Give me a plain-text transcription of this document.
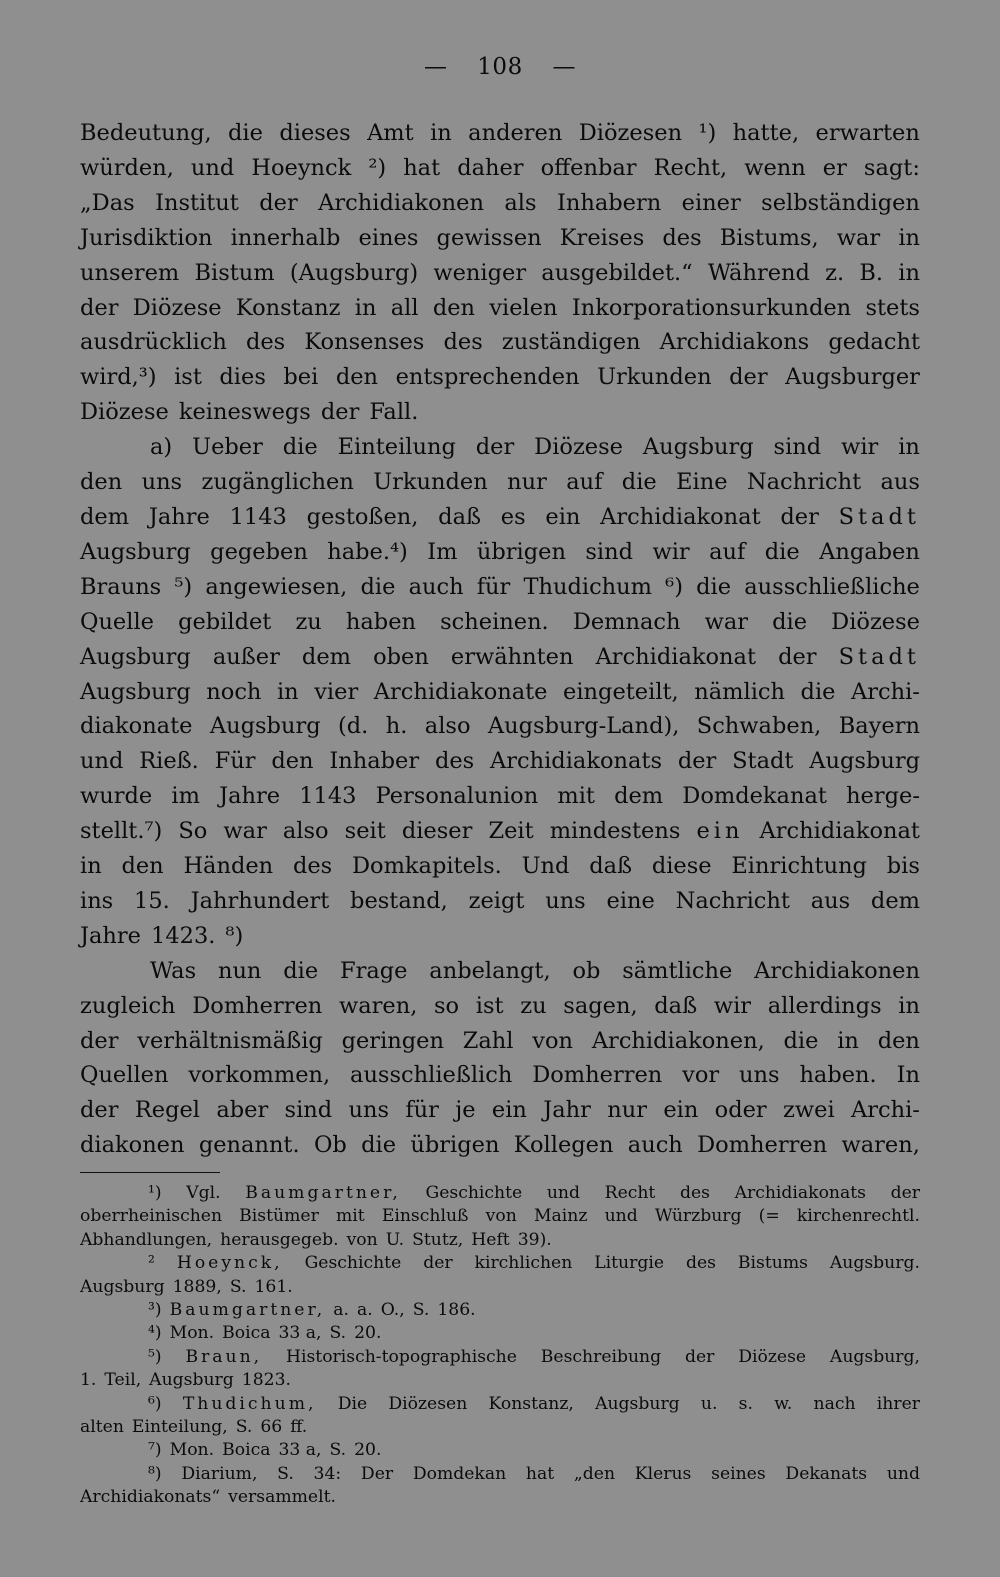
— 108 —
Bedeutung, die dieses Amt in anderen Diözesen ¹) hatte, erwarten
würden, und Hoeynck ²) hat daher offenbar Recht, wenn er sagt:
„Das Institut der Archidiakonen als Inhabern einer selbständigen
Jurisdiktion innerhalb eines gewissen Kreises des Bistums, war in
unserem Bistum (Augsburg) weniger ausgebildet.“ Während z. B. in
der Diözese Konstanz in all den vielen Inkorporationsurkunden stets
ausdrücklich des Konsenses des zuständigen Archidiakons gedacht
wird,³) ist dies bei den entsprechenden Urkunden der Augsburger
Diözese keineswegs der Fall.
a) Ueber die Einteilung der Diözese Augsburg sind wir in
den uns zugänglichen Urkunden nur auf die Eine Nachricht aus
dem Jahre 1143 gestoßen, daß es ein Archidiakonat der Stadt
Augsburg gegeben habe.⁴) Im übrigen sind wir auf die Angaben
Brauns ⁵) angewiesen, die auch für Thudichum ⁶) die ausschließliche
Quelle gebildet zu haben scheinen. Demnach war die Diözese
Augsburg außer dem oben erwähnten Archidiakonat der Stadt
Augsburg noch in vier Archidiakonate eingeteilt, nämlich die Archi-
diakonate Augsburg (d. h. also Augsburg-Land), Schwaben, Bayern
und Rieß. Für den Inhaber des Archidiakonats der Stadt Augsburg
wurde im Jahre 1143 Personalunion mit dem Domdekanat herge-
stellt.⁷) So war also seit dieser Zeit mindestens ein Archidiakonat
in den Händen des Domkapitels. Und daß diese Einrichtung bis
ins 15. Jahrhundert bestand, zeigt uns eine Nachricht aus dem
Jahre 1423. ⁸)
Was nun die Frage anbelangt, ob sämtliche Archidiakonen
zugleich Domherren waren, so ist zu sagen, daß wir allerdings in
der verhältnismäßig geringen Zahl von Archidiakonen, die in den
Quellen vorkommen, ausschließlich Domherren vor uns haben. In
der Regel aber sind uns für je ein Jahr nur ein oder zwei Archi-
diakonen genannt. Ob die übrigen Kollegen auch Domherren waren,
¹) Vgl. Baumgartner, Geschichte und Recht des Archidiakonats der
oberrheinischen Bistümer mit Einschluß von Mainz und Würzburg (= kirchenrechtl.
Abhandlungen, herausgegeb. von U. Stutz, Heft 39).
² Hoeynck, Geschichte der kirchlichen Liturgie des Bistums Augsburg.
Augsburg 1889, S. 161.
³) Baumgartner, a. a. O., S. 186.
⁴) Mon. Boica 33 a, S. 20.
⁵) Braun, Historisch-topographische Beschreibung der Diözese Augsburg,
1. Teil, Augsburg 1823.
⁶) Thudichum, Die Diözesen Konstanz, Augsburg u. s. w. nach ihrer
alten Einteilung, S. 66 ff.
⁷) Mon. Boica 33 a, S. 20.
⁸) Diarium, S. 34: Der Domdekan hat „den Klerus seines Dekanats und
Archidiakonats“ versammelt.
